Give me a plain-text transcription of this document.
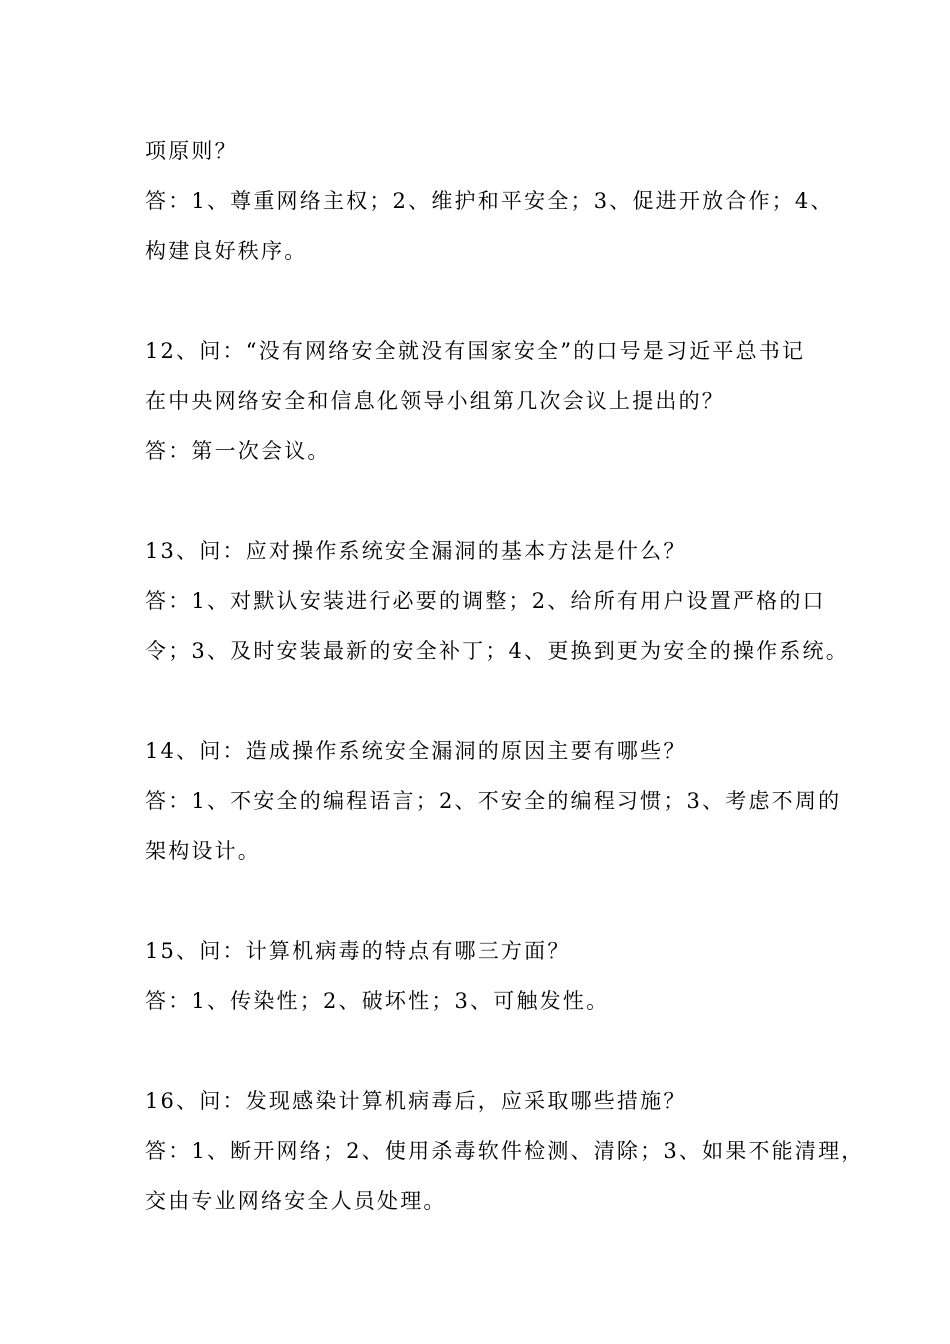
项原则？
答：1、尊重网络主权；2、维护和平安全；3、促进开放合作；4、
构建良好秩序。
12、问：“没有网络安全就没有国家安全”的口号是习近平总书记
在中央网络安全和信息化领导小组第几次会议上提出的？
答：第一次会议。
13、问：应对操作系统安全漏洞的基本方法是什么？
答：1、对默认安装进行必要的调整；2、给所有用户设置严格的口
令；3、及时安装最新的安全补丁；4、更换到更为安全的操作系统。
14、问：造成操作系统安全漏洞的原因主要有哪些？
答：1、不安全的编程语言；2、不安全的编程习惯；3、考虑不周的
架构设计。
15、问：计算机病毒的特点有哪三方面？
答：1、传染性；2、破坏性；3、可触发性。
16、问：发现感染计算机病毒后，应采取哪些措施？
答：1、断开网络；2、使用杀毒软件检测、清除；3、如果不能清理，
交由专业网络安全人员处理。
